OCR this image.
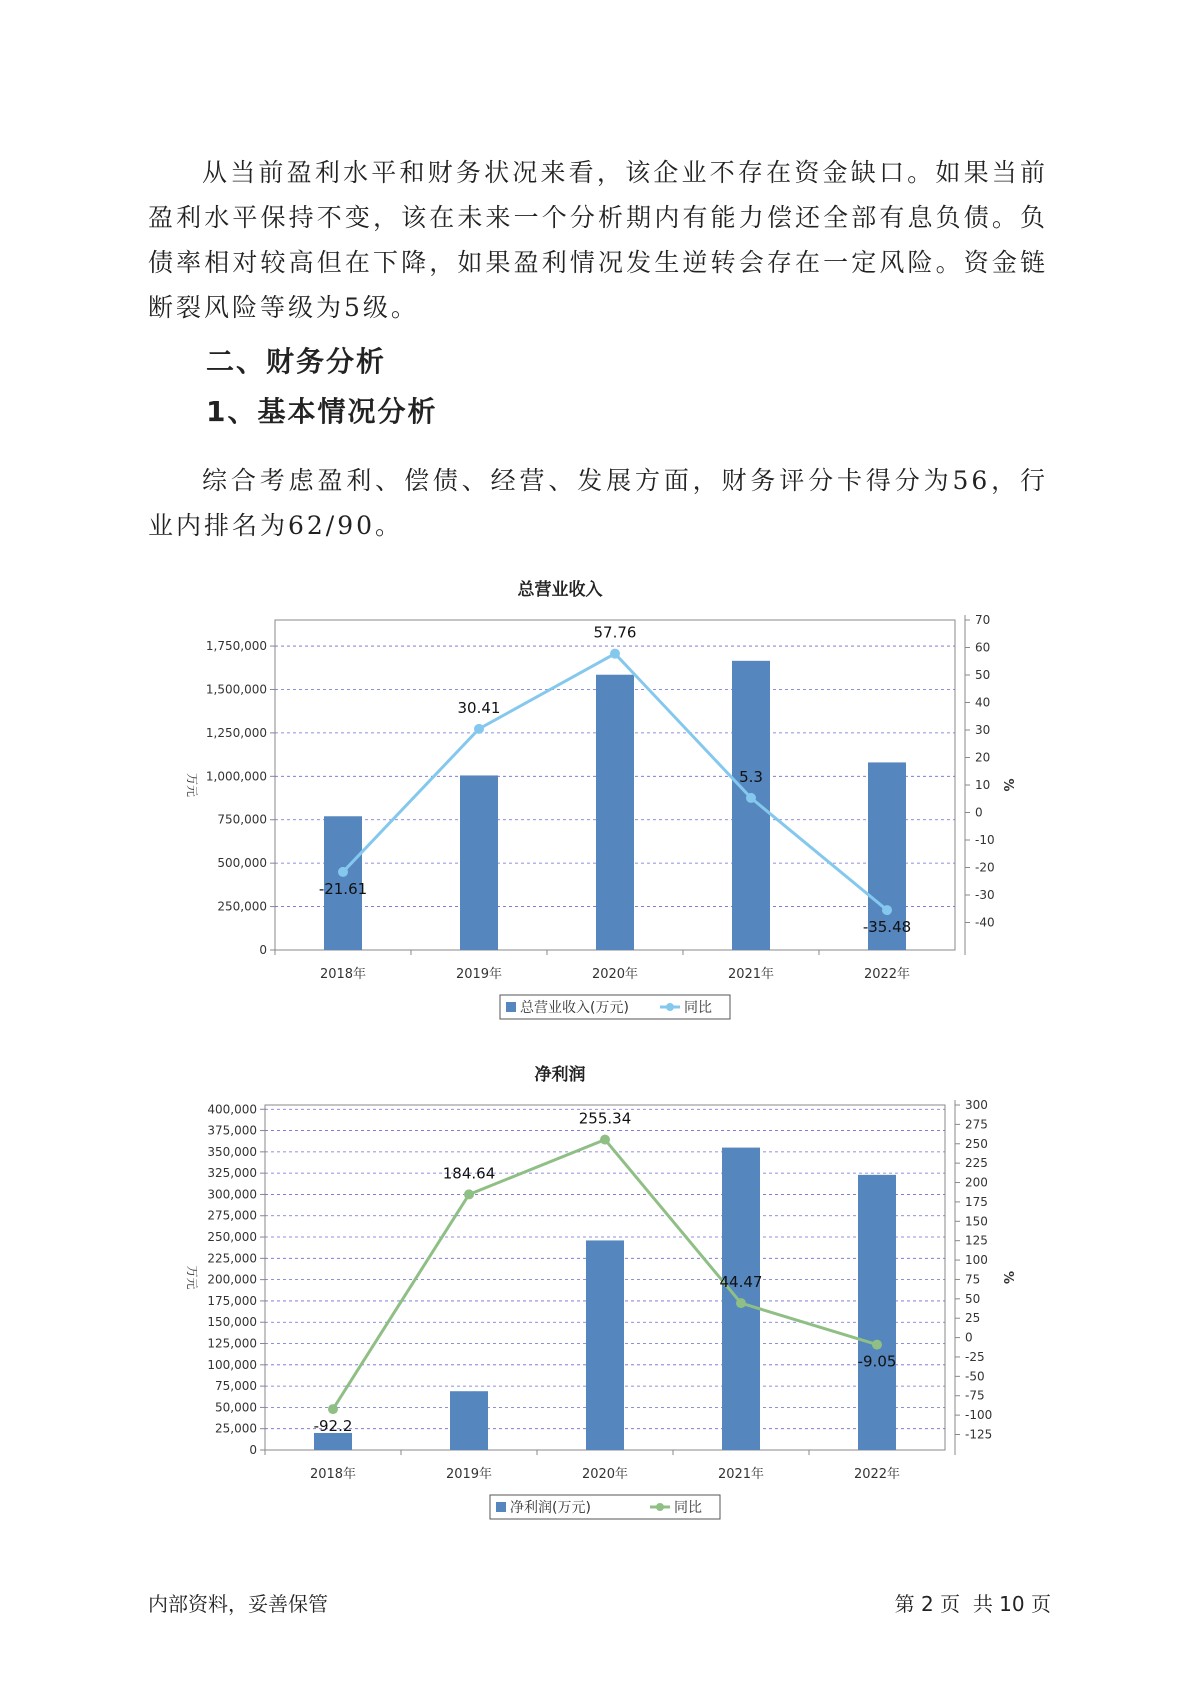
从当前盈利水平和财务状况来看，该企业不存在资金缺口。如果当前盈利水平保持不变，该在未来一个分析期内有能力偿还全部有息负债。负债率相对较高但在下降，如果盈利情况发生逆转会存在一定风险。资金链断裂风险等级为5级。

二、财务分析
1、基本情况分析

综合考虑盈利、偿债、经营、发展方面，财务评分卡得分为56，行业内排名为62/90。

总营业收入
0
250,000
500,000
750,000
1,000,000
1,250,000
1,500,000
1,750,000
-40
-30
-20
-10
0
10
20
30
40
50
60
70
万元	%
2018年	2019年	2020年	2021年	2022年
-21.61
30.41
57.76
5.3
-35.48
总营业收入(万元)	同比
净利润
0
25,000
50,000
75,000
100,000
125,000
150,000
175,000
200,000
225,000
250,000
275,000
300,000
325,000
350,000
375,000
400,000
-125
-100
-75
-50
-25
0
25
50
75
100
125
150
175
200
225
250
275
300
万元	%
2018年	2019年	2020年	2021年	2022年
-92.2
184.64
255.34
44.47
-9.05
净利润(万元)	同比
内部资料，妥善保管	第 2 页  共 10 页
